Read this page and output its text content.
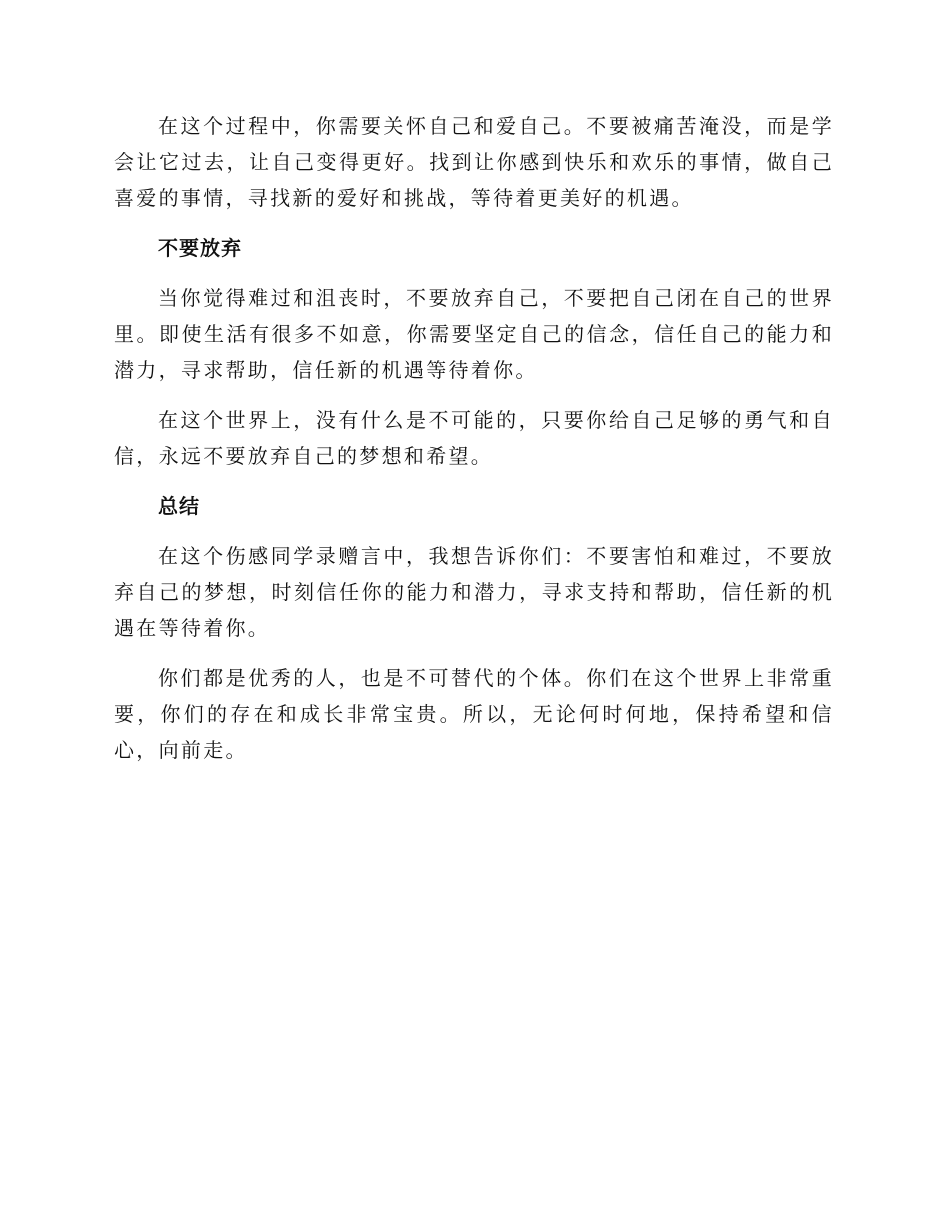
在这个过程中，你需要关怀自己和爱自己。不要被痛苦淹没，而是学会让它过去，让自己变得更好。找到让你感到快乐和欢乐的事情，做自己喜爱的事情，寻找新的爱好和挑战，等待着更美好的机遇。

不要放弃

当你觉得难过和沮丧时，不要放弃自己，不要把自己闭在自己的世界里。即使生活有很多不如意，你需要坚定自己的信念，信任自己的能力和潜力，寻求帮助，信任新的机遇等待着你。

在这个世界上，没有什么是不可能的，只要你给自己足够的勇气和自信，永远不要放弃自己的梦想和希望。

总结

在这个伤感同学录赠言中，我想告诉你们：不要害怕和难过，不要放弃自己的梦想，时刻信任你的能力和潜力，寻求支持和帮助，信任新的机遇在等待着你。

你们都是优秀的人，也是不可替代的个体。你们在这个世界上非常重要，你们的存在和成长非常宝贵。所以，无论何时何地，保持希望和信心，向前走。
